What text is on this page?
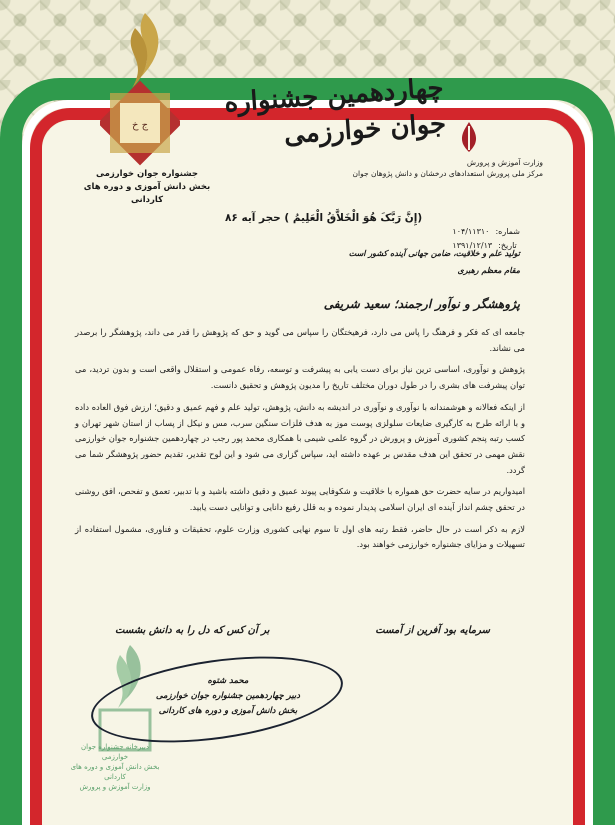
ج خ
جشنواره جوان خوارزمی
بخش دانش آموزی و دوره های کاردانی
وزارت آموزش و پرورش
مرکز ملی پرورش استعدادهای درخشان و دانش پژوهان جوان
چهاردهمین جشنواره جوان خوارزمی
(إِنَّ رَبَّکَ هُوَ الْخَلاَّقُ الْعَلِیمُ ) حجر آیه ۸۶
شماره:
۱۰۴/۱۱۳۱۰
تاریخ:
۱۳۹۱/۱۲/۱۳
تولید علم و خلاقیت، ضامن جهانی آینده کشور است
مقام معظم رهبری
پژوهشگر و نوآور ارجمند؛ سعید شریفی

جامعه ای که فکر و فرهنگ را پاس می دارد، فرهیختگان را سپاس می گوید و حق که پژوهش را قدر می داند، پژوهشگر را برصدر می نشاند.

پژوهش و نوآوری، اساسی ترین نیاز برای دست یابی به پیشرفت و توسعه، رفاه عمومی و استقلال واقعی است و بدون تردید، می توان پیشرفت های بشری را در طول دوران مختلف تاریخ را مدیون پژوهش و تحقیق دانست.

از اینکه فعالانه و هوشمندانه با نوآوری و نوآوری در اندیشه به دانش، پژوهش، تولید علم و فهم عمیق و دقیق؛ ارزش فوق العاده داده و با ارائه طرح به کارگیری ضایعات سلولزی پوست موز به هدف فلزات سنگین سرب، مس و نیکل از پساب از استان شهر تهران و کسب رتبه پنجم کشوری آموزش و پرورش در گروه علمی شیمی با همکاری محمد پور رجب در چهاردهمین جشنواره جوان خوارزمی نقش مهمی در تحقق این هدف مقدس بر عهده داشته اید، سپاس گزاری می شود و این لوح تقدیر، تقدیم حضور پژوهشگر شما می گردد.

امیدواریم در سایه حضرت حق همواره با خلاقیت و شکوفایی پیوند عمیق و دقیق داشته باشید و با تدبیر، تعمق و تفحص، افق روشنی در تحقق چشم انداز آینده ای ایران اسلامی پدیدار نموده و به قلل رفیع دانایی و توانایی دست یابید.

لازم به ذکر است در حال حاضر، فقط رتبه های اول تا سوم نهایی کشوری وزارت علوم، تحقیقات و فناوری، مشمول استفاده از تسهیلات و مزایای جشنواره خوارزمی خواهند بود.

سرمایه بود آفرین از آمست
بر آن کس که دل را به دانش بشست
دبیرخانه جشنواره جوان خوارزمی
بخش دانش آموزی و دوره های کاردانی
وزارت آموزش و پرورش
محمد شتوه
دبیر چهاردهمین جشنواره جوان خوارزمی
بخش دانش آموزی و دوره های کاردانی
